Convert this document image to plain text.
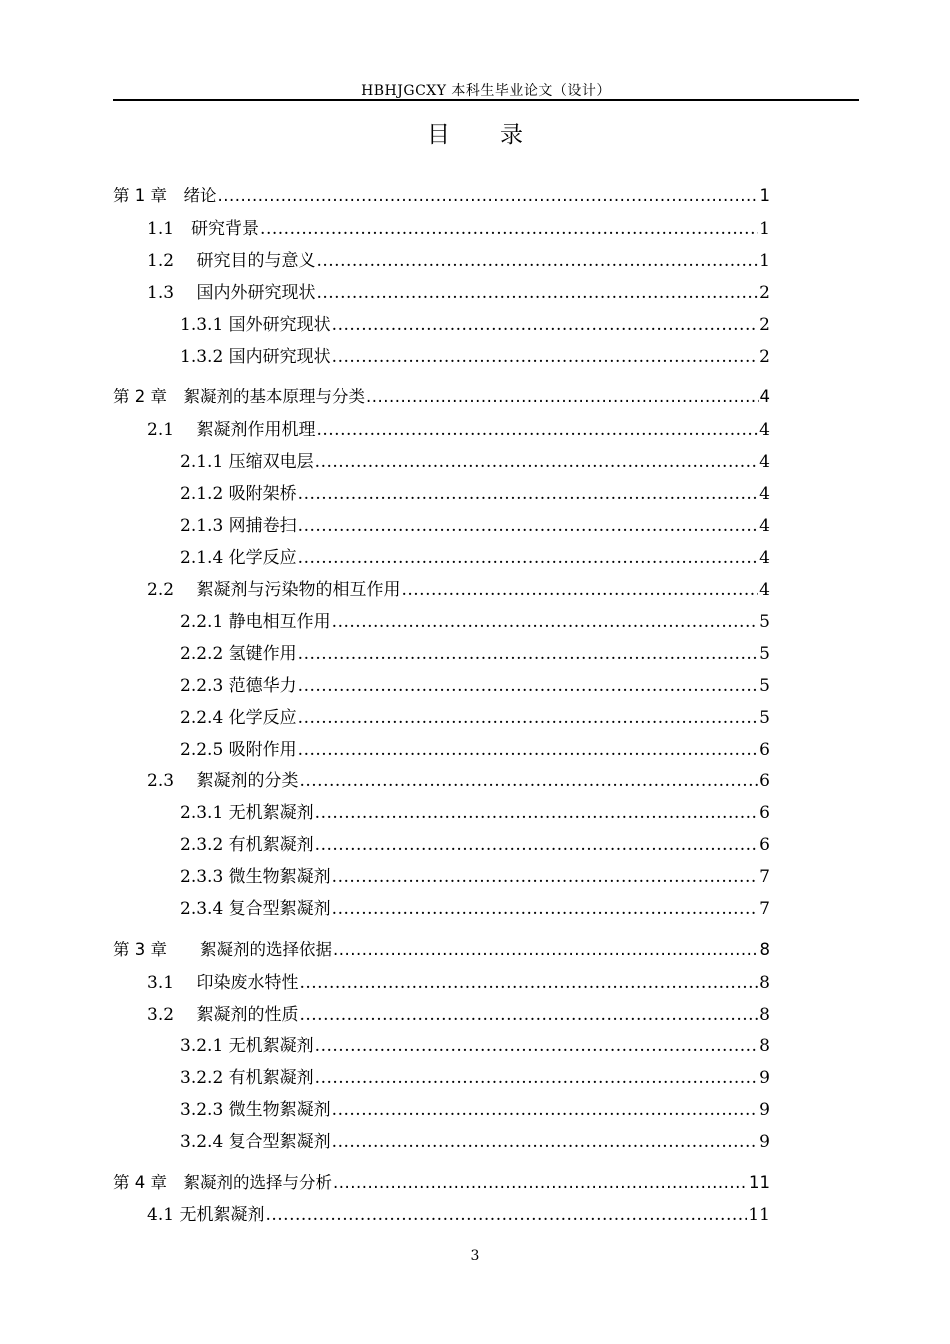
HBHJGCXY 本科生毕业论文（设计）
目录
第 1 章　绪论 .....	1
1.1　研究背景 .....	1
1.2　 研究目的与意义 .....	1
1.3　 国内外研究现状 .....	2
1.3.1 国外研究现状 .....	2
1.3.2 国内研究现状 .....	2
第 2 章　絮凝剂的基本原理与分类 .....	4
2.1　 絮凝剂作用机理 .....	4
2.1.1 压缩双电层 .....	4
2.1.2 吸附架桥 .....	4
2.1.3 网捕卷扫 .....	4
2.1.4 化学反应 .....	4
2.2　 絮凝剂与污染物的相互作用 .....	4
2.2.1 静电相互作用 .....	5
2.2.2 氢键作用 .....	5
2.2.3 范德华力 .....	5
2.2.4 化学反应 .....	5
2.2.5 吸附作用 .....	6
2.3　 絮凝剂的分类 .....	6
2.3.1 无机絮凝剂 .....	6
2.3.2 有机絮凝剂 .....	6
2.3.3 微生物絮凝剂 .....	7
2.3.4 复合型絮凝剂 .....	7
第 3 章　　絮凝剂的选择依据 .....	8
3.1　 印染废水特性 .....	8
3.2　 絮凝剂的性质 .....	8
3.2.1 无机絮凝剂 .....	8
3.2.2 有机絮凝剂 .....	9
3.2.3 微生物絮凝剂 .....	9
3.2.4 复合型絮凝剂 .....	9
第 4 章　絮凝剂的选择与分析 .....	11
4.1 无机絮凝剂 .....	11
3
